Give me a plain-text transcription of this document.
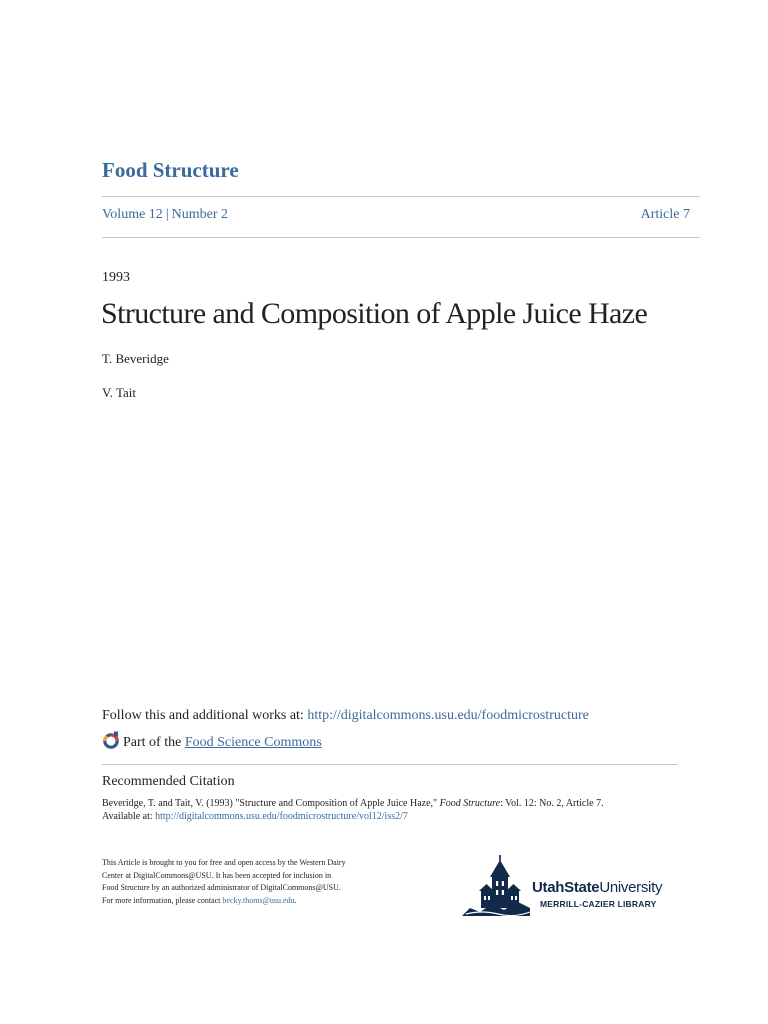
Food Structure
Volume 12 | Number 2	Article 7
1993
Structure and Composition of Apple Juice Haze
T. Beveridge
V. Tait
Follow this and additional works at: http://digitalcommons.usu.edu/foodmicrostructure
Part of the Food Science Commons
Recommended Citation
Beveridge, T. and Tait, V. (1993) "Structure and Composition of Apple Juice Haze," Food Structure: Vol. 12: No. 2, Article 7.
Available at: http://digitalcommons.usu.edu/foodmicrostructure/vol12/iss2/7
This Article is brought to you for free and open access by the Western Dairy
Center at DigitalCommons@USU. It has been accepted for inclusion in
Food Structure by an authorized administrator of DigitalCommons@USU.
For more information, please contact becky.thoms@usu.edu.
UtahStateUniversity
MERRILL-CAZIER LIBRARY
